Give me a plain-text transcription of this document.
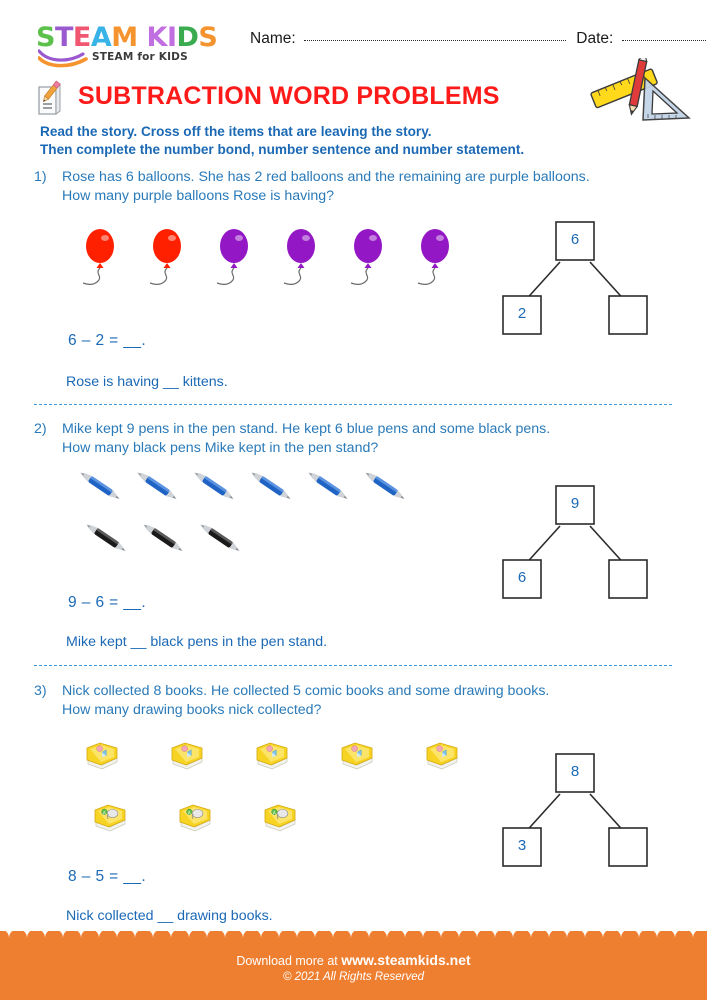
STEAM KIDS
STEAM for KIDS
Name:	Date:
SUBTRACTION WORD PROBLEMS
Read the story. Cross off the items that are leaving the story.
Then complete the number bond, number sentence and number statement.
1) Rose has 6 balloons. She has 2 red balloons and the remaining are purple balloons.
How many purple balloons Rose is having?
6
2
6 – 2 = __.
Rose is having __ kittens.
2) Mike kept 9 pens in the pen stand. He kept 6 blue pens and some black pens.
How many black pens Mike kept in the pen stand?
9
6
9 – 6 = __.
Mike kept __ black pens in the pen stand.
3) Nick collected 8 books. He collected 5 comic books and some drawing books.
How many drawing books nick collected?
A	A	A
8
3
8 – 5 = __.
Nick collected __ drawing books.
Download more at www.steamkids.net
© 2021 All Rights Reserved
